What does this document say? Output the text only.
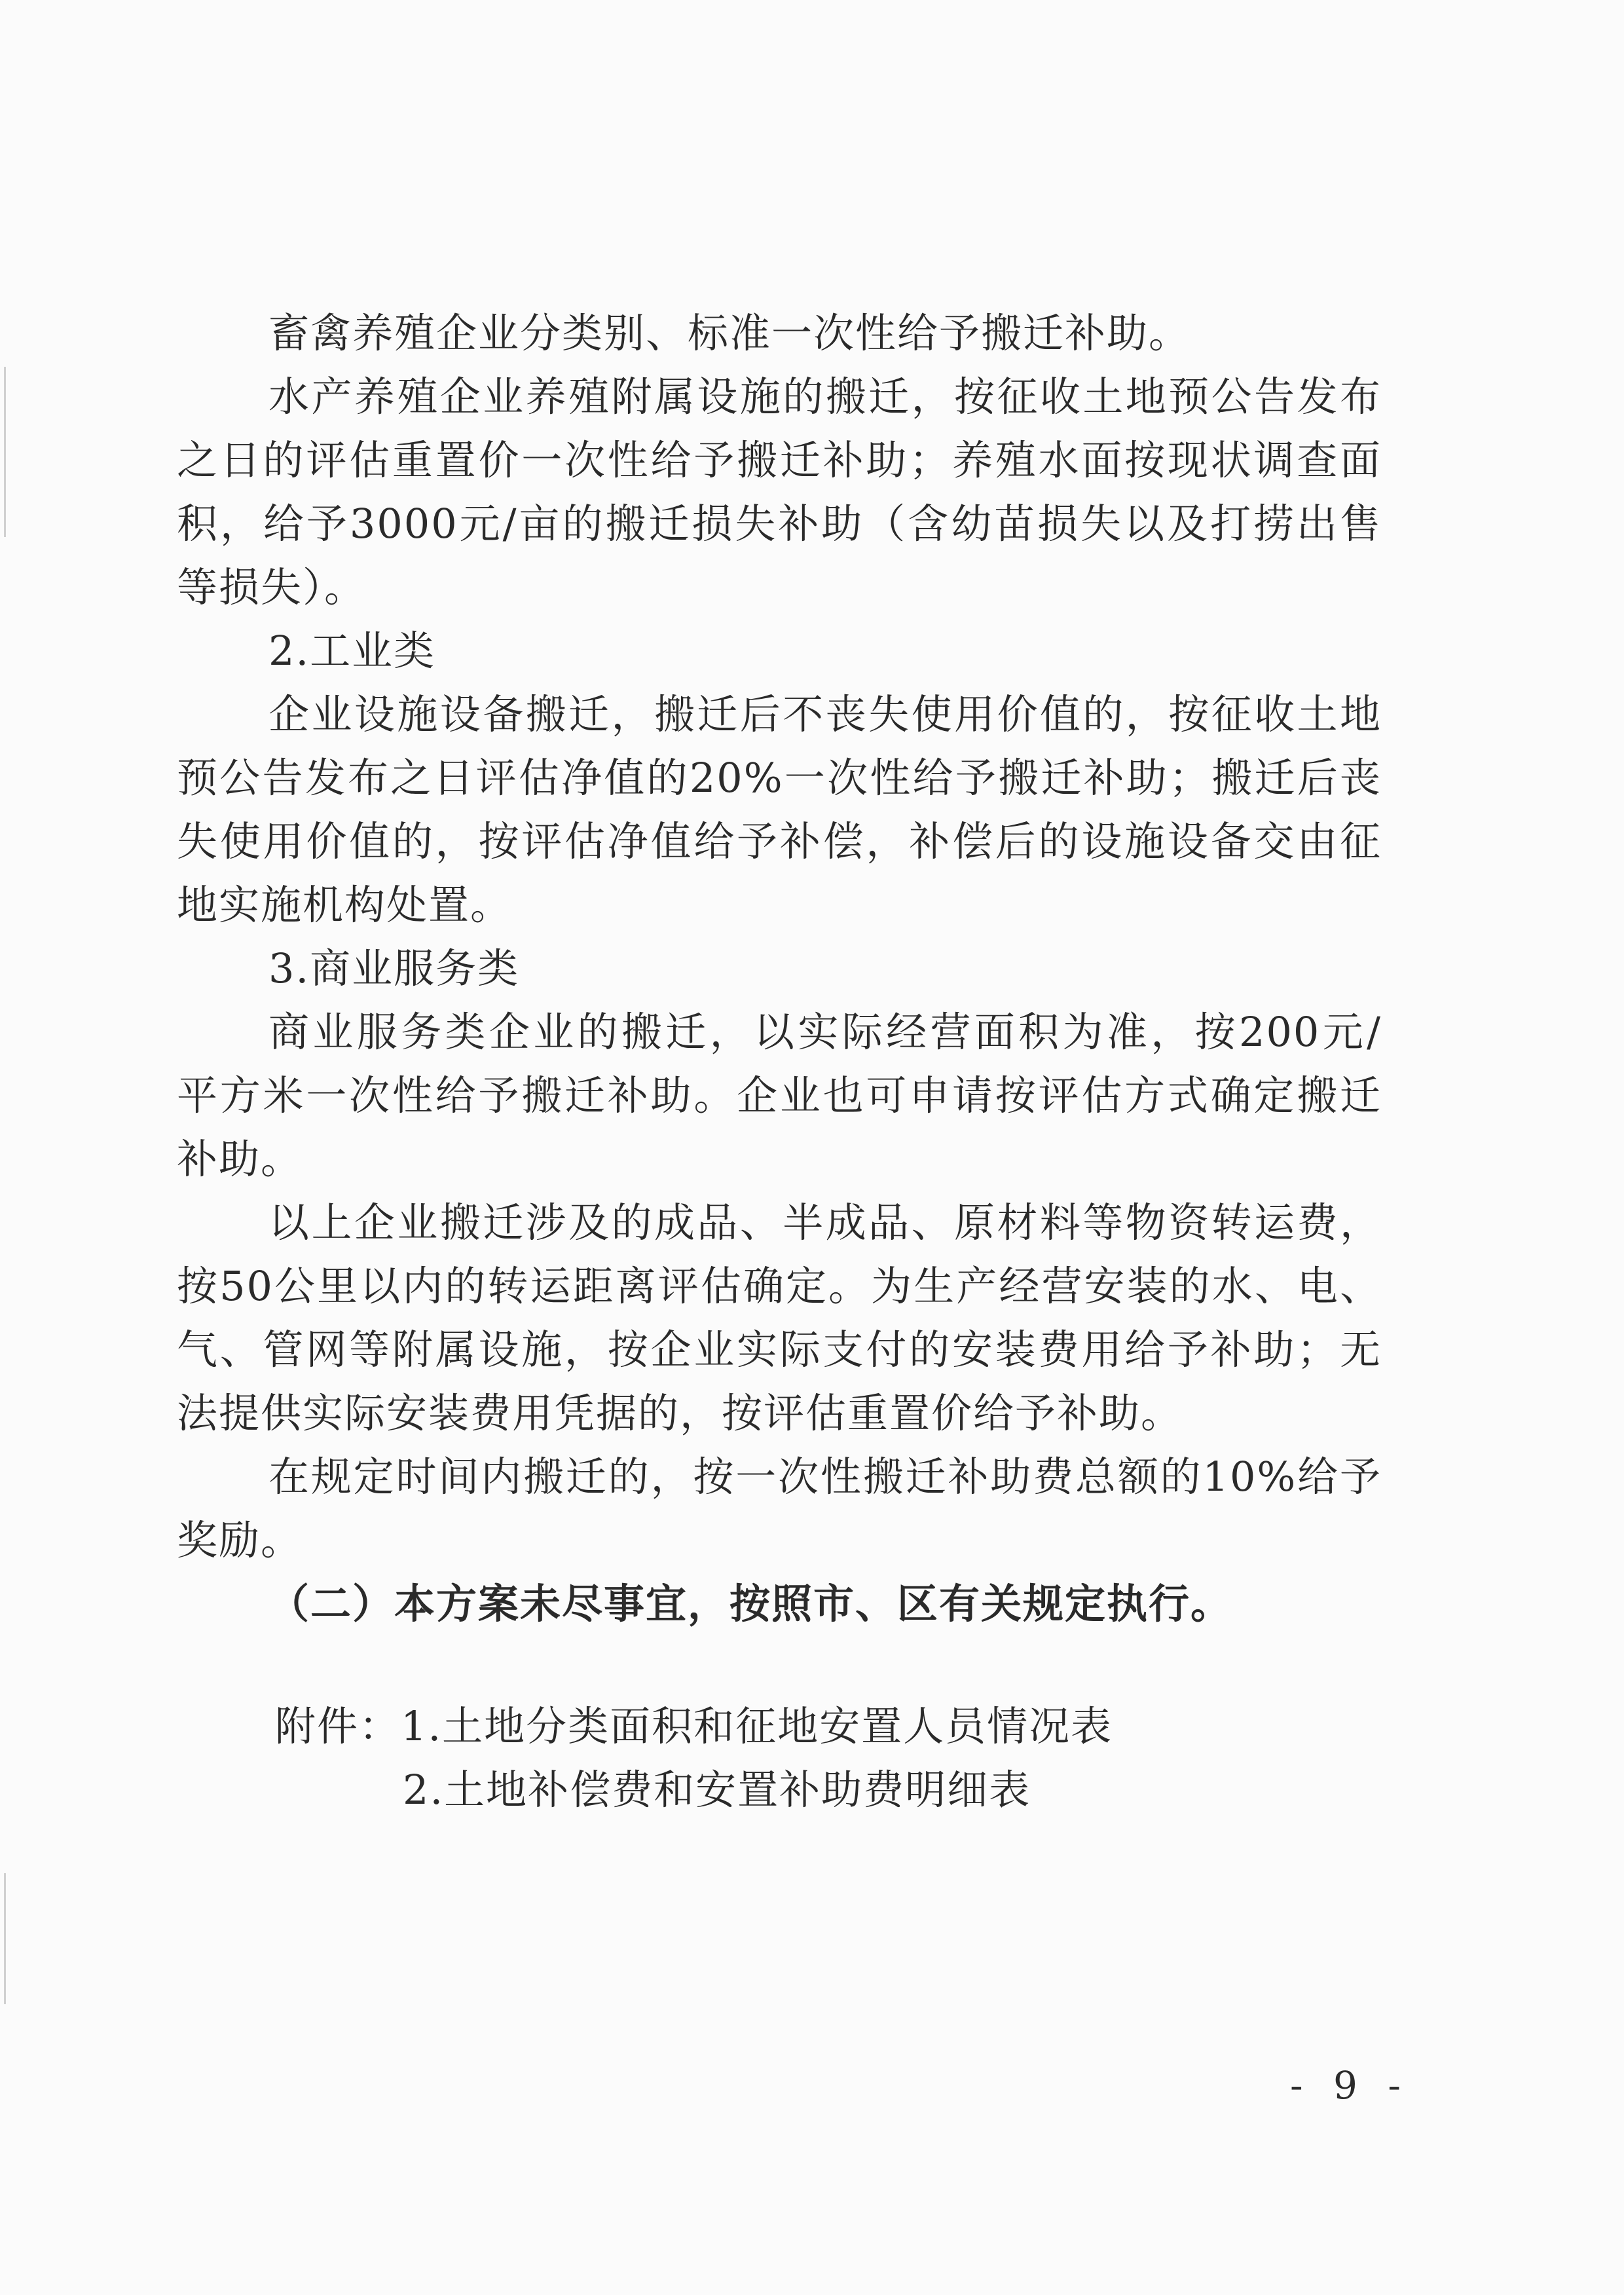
畜禽养殖企业分类别、标准一次性给予搬迁补助。
水产养殖企业养殖附属设施的搬迁，按征收土地预公告发布
之日的评估重置价一次性给予搬迁补助；养殖水面按现状调查面
积，给予3000元/亩的搬迁损失补助（含幼苗损失以及打捞出售
等损失）。
2.工业类
企业设施设备搬迁，搬迁后不丧失使用价值的，按征收土地
预公告发布之日评估净值的20%一次性给予搬迁补助；搬迁后丧
失使用价值的，按评估净值给予补偿，补偿后的设施设备交由征
地实施机构处置。
3.商业服务类
商业服务类企业的搬迁，以实际经营面积为准，按200元/
平方米一次性给予搬迁补助。企业也可申请按评估方式确定搬迁
补助。
以上企业搬迁涉及的成品、半成品、原材料等物资转运费，
按50公里以内的转运距离评估确定。为生产经营安装的水、电、
气、管网等附属设施，按企业实际支付的安装费用给予补助；无
法提供实际安装费用凭据的，按评估重置价给予补助。
在规定时间内搬迁的，按一次性搬迁补助费总额的10%给予
奖励。
（二）本方案未尽事宜，按照市、区有关规定执行。
附件：1.土地分类面积和征地安置人员情况表
2.土地补偿费和安置补助费明细表
- 9 -
